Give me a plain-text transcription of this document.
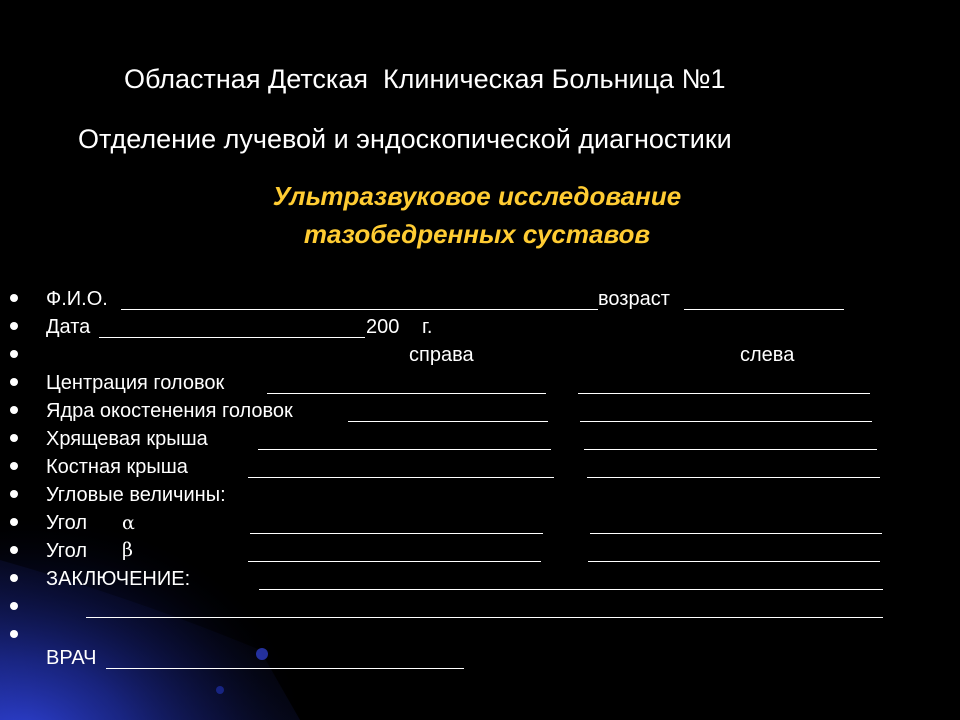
Областная Детская  Клиническая Больница №1
Отделение лучевой и эндоскопической диагностики
Ультразвуковое исследование
тазобедренных суставов
Ф.И.О.	возраст
Дата	200 г.
справа	слева
Центрация головок
Ядра окостенения головок
Хрящевая крыша
Костная крыша
Угловые величины:
Угол α
Угол β
ЗАКЛЮЧЕНИЕ:
ВРАЧ
